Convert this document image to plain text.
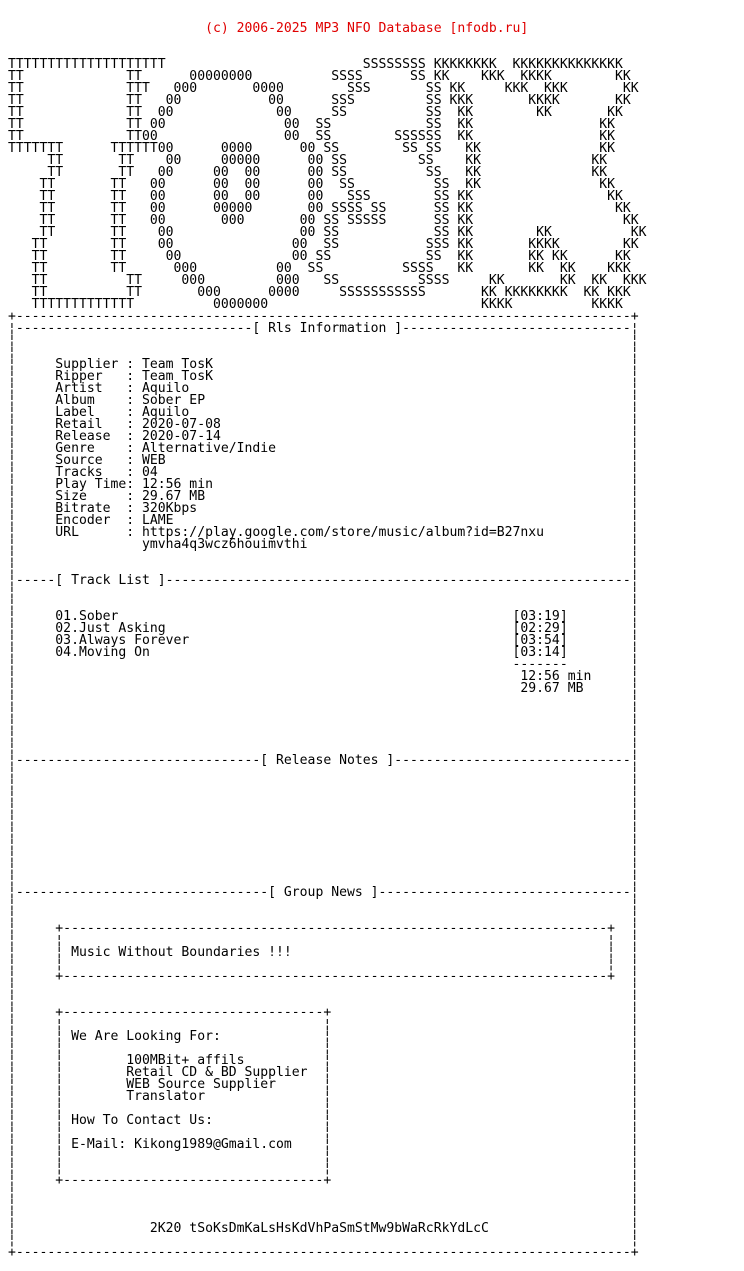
(c) 2006-2025 MP3 NFO Database [nfodb.ru]

TTTTTTTTTTTTTTTTTTTT                         SSSSSSSS KKKKKKKK  KKKKKKKKKKKKKK
TT             TT      00000000          SSSS      SS KK    KKK  KKKK        KK
TT             TTT   000       0000        SSS       SS KK     KKK  KKK       KK
TT             TT   00           00      SSS         SS KKK       KKKK       KK
TT             TT  00             00     SS          SS  KK        KK       KK
TT             TT 00               00  SS            SS  KK                KK
TT             TT00                00  SS        SSSSSS  KK                KK
TTTTTTT      TTTTTT00      0000      00 SS        SS SS   KK               KK
TT       TT    00     00000      00 SS         SS    KK              KK
TT       TT   00     00  00      00 SS          SS   KK              KK
TT       TT   00      00  00      00  SS          SS  KK               KK
TT       TT   00      00  00      00   SSS        SS KK                 KK
TT       TT   00      00000       00 SSSS SS      SS KK                  KK
TT       TT   00       000       00 SS SSSSS      SS KK                   KK
TT       TT    00                00 SS            SS KK        KK          KK
TT        TT    00               00  SS           SSS KK       KKKK        KK
TT        TT     00              00 SS            SS  KK       KK KK      KK
TT        TT      000          00  SS          SSSS   KK       KK  KK    KKK
TT          TT     000         000   SS          SSSS     KK       KK  KK  KKK
TT          TT       000      0000     SSSSSSSSSSS       KK KKKKKKKK  KK KKK
TTTTTTTTTTTTT          0000000                           KKKK          KKKK
+------------------------------------------------------------------------------+
¦------------------------------[ Rls Information ]-----------------------------¦
¦                                                                              ¦
¦                                                                              ¦
¦     Supplier : Team TosK                                                     ¦
¦     Ripper   : Team TosK                                                     ¦
¦     Artist   : Aquilo                                                        ¦
¦     Album    : Sober EP                                                      ¦
¦     Label    : Aquilo                                                        ¦
¦     Retail   : 2020-07-08                                                    ¦
¦     Release  : 2020-07-14                                                    ¦
¦     Genre    : Alternative/Indie                                             ¦
¦     Source   : WEB                                                           ¦
¦     Tracks   : 04                                                            ¦
¦     Play Time: 12:56 min                                                     ¦
¦     Size     : 29.67 MB                                                      ¦
¦     Bitrate  : 320Kbps                                                       ¦
¦     Encoder  : LAME                                                          ¦
¦     URL      : https://play.google.com/store/music/album?id=B27nxu           ¦
¦                ymvha4q3wcz6houimvthi                                         ¦
¦                                                                              ¦
¦                                                                              ¦
¦-----[ Track List ]-----------------------------------------------------------¦
¦                                                                              ¦
¦                                                                              ¦
¦     01.Sober                                                  [03:19]        ¦
¦     02.Just Asking                                            [02:29]        ¦
¦     03.Always Forever                                         [03:54]        ¦
¦     04.Moving On                                              [03:14]        ¦
¦                                                               -------        ¦
¦                                                                12:56 min     ¦
¦                                                                29.67 MB      ¦
¦                                                                              ¦
¦                                                                              ¦
¦                                                                              ¦
¦                                                                              ¦
¦                                                                              ¦
¦-------------------------------[ Release Notes ]------------------------------¦
¦                                                                              ¦
¦                                                                              ¦
¦                                                                              ¦
¦                                                                              ¦
¦                                                                              ¦
¦                                                                              ¦
¦                                                                              ¦
¦                                                                              ¦
¦                                                                              ¦
¦                                                                              ¦
¦--------------------------------[ Group News ]--------------------------------¦
¦                                                                              ¦
¦                                                                              ¦
¦     +---------------------------------------------------------------------+  ¦
¦     ¦                                                                     ¦  ¦
¦     ¦ Music Without Boundaries !!!                                        ¦  ¦
¦     ¦                                                                     ¦  ¦
¦     +---------------------------------------------------------------------+  ¦
¦                                                                              ¦
¦                                                                              ¦
¦     +---------------------------------+                                      ¦
¦     ¦                                 ¦                                      ¦
¦     ¦ We Are Looking For:             ¦                                      ¦
¦     ¦                                 ¦                                      ¦
¦     ¦        100MBit+ affils          ¦                                      ¦
¦     ¦        Retail CD & BD Supplier  ¦                                      ¦
¦     ¦        WEB Source Supplier      ¦                                      ¦
¦     ¦        Translator               ¦                                      ¦
¦     ¦                                 ¦                                      ¦
¦     ¦ How To Contact Us:              ¦                                      ¦
¦     ¦                                 ¦                                      ¦
¦     ¦ E-Mail: Kikong1989@Gmail.com    ¦                                      ¦
¦     ¦                                 ¦                                      ¦
¦     ¦                                 ¦                                      ¦
¦     +---------------------------------+                                      ¦
¦                                                                              ¦
¦                                                                              ¦
¦                                                                              ¦
¦                 2K20 tSoKsDmKaLsHsKdVhPaSmStMw9bWaRcRkYdLcC                  ¦
¦                                                                              ¦
+------------------------------------------------------------------------------+
